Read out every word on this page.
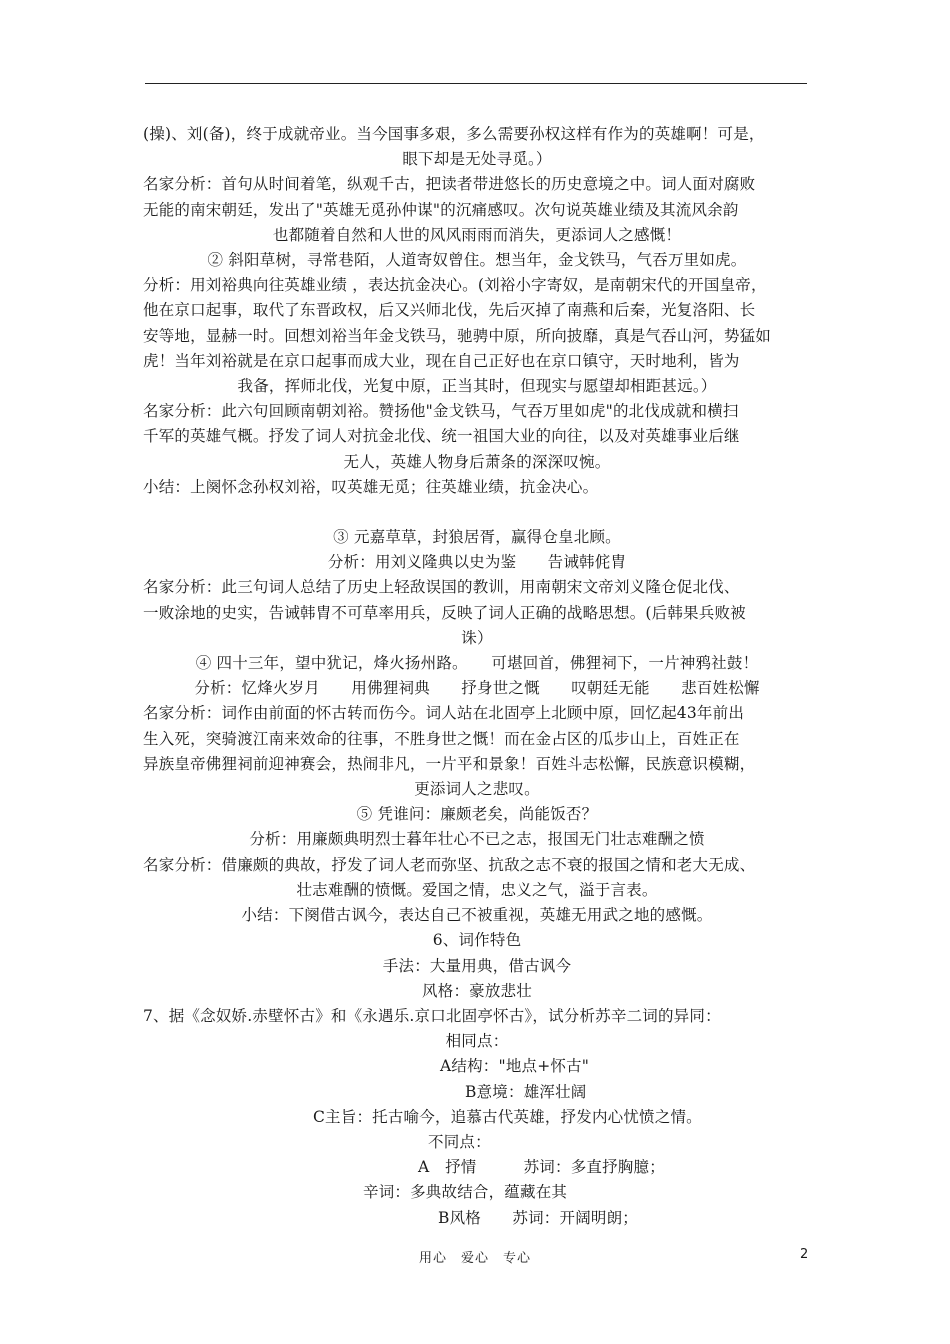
(操)、刘(备)，终于成就帝业。当今国事多艰，多么需要孙权这样有作为的英雄啊！可是，

眼下却是无处寻觅。）

名家分析：首句从时间着笔，纵观千古，把读者带进悠长的历史意境之中。词人面对腐败

无能的南宋朝廷，发出了"英雄无觅孙仲谋"的沉痛感叹。次句说英雄业绩及其流风余韵

也都随着自然和人世的风风雨雨而消失，更添词人之感慨！

② 斜阳草树，寻常巷陌，人道寄奴曾住。想当年，金戈铁马，气吞万里如虎。

分析：用刘裕典向往英雄业绩 ，表达抗金决心。(刘裕小字寄奴，是南朝宋代的开国皇帝，

他在京口起事，取代了东晋政权，后又兴师北伐，先后灭掉了南燕和后秦，光复洛阳、长

安等地，显赫一时。回想刘裕当年金戈铁马，驰骋中原，所向披靡，真是气吞山河，势猛如

虎！当年刘裕就是在京口起事而成大业，现在自己正好也在京口镇守，天时地利，皆为

我备，挥师北伐，光复中原，正当其时，但现实与愿望却相距甚远。）

名家分析：此六句回顾南朝刘裕。赞扬他"金戈铁马，气吞万里如虎"的北伐成就和横扫

千军的英雄气概。抒发了词人对抗金北伐、统一祖国大业的向往，以及对英雄事业后继

无人，英雄人物身后萧条的深深叹惋。

小结：上阕怀念孙权刘裕，叹英雄无觅；往英雄业绩，抗金决心。

③ 元嘉草草，封狼居胥，赢得仓皇北顾。

分析：用刘义隆典以史为鉴　　告诫韩侂胄

名家分析：此三句词人总结了历史上轻敌误国的教训，用南朝宋文帝刘义隆仓促北伐、

一败涂地的史实，告诫韩胄不可草率用兵，反映了词人正确的战略思想。(后韩果兵败被

诛）

④ 四十三年，望中犹记，烽火扬州路。　　可堪回首，佛狸祠下，一片神鸦社鼓！

分析：忆烽火岁月　　用佛狸祠典　　抒身世之慨　　叹朝廷无能　　悲百姓松懈

名家分析：词作由前面的怀古转而伤今。词人站在北固亭上北顾中原，回忆起43年前出

生入死，突骑渡江南来效命的往事，不胜身世之慨！而在金占区的瓜步山上，百姓正在

异族皇帝佛狸祠前迎神赛会，热闹非凡，一片平和景象！百姓斗志松懈，民族意识模糊，

更添词人之悲叹。

⑤ 凭谁问：廉颇老矣，尚能饭否？

分析：用廉颇典明烈士暮年壮心不已之志，报国无门壮志难酬之愤

名家分析：借廉颇的典故，抒发了词人老而弥坚、抗敌之志不衰的报国之情和老大无成、

壮志难酬的愤慨。爱国之情，忠义之气，溢于言表。

小结：下阕借古讽今，表达自己不被重视，英雄无用武之地的感慨。

6、词作特色

手法：大量用典，借古讽今

风格：豪放悲壮

7、据《念奴娇.赤壁怀古》和《永遇乐.京口北固亭怀古》，试分析苏辛二词的异同：

相同点：

A结构："地点+怀古"

B意境：雄浑壮阔

C主旨：托古喻今，追慕古代英雄，抒发内心忧愤之情。

不同点：

A　抒情　　　苏词：多直抒胸臆；

辛词：多典故结合，蕴藏在其

B风格　　苏词：开阔明朗；

用心　爱心　专心	2
